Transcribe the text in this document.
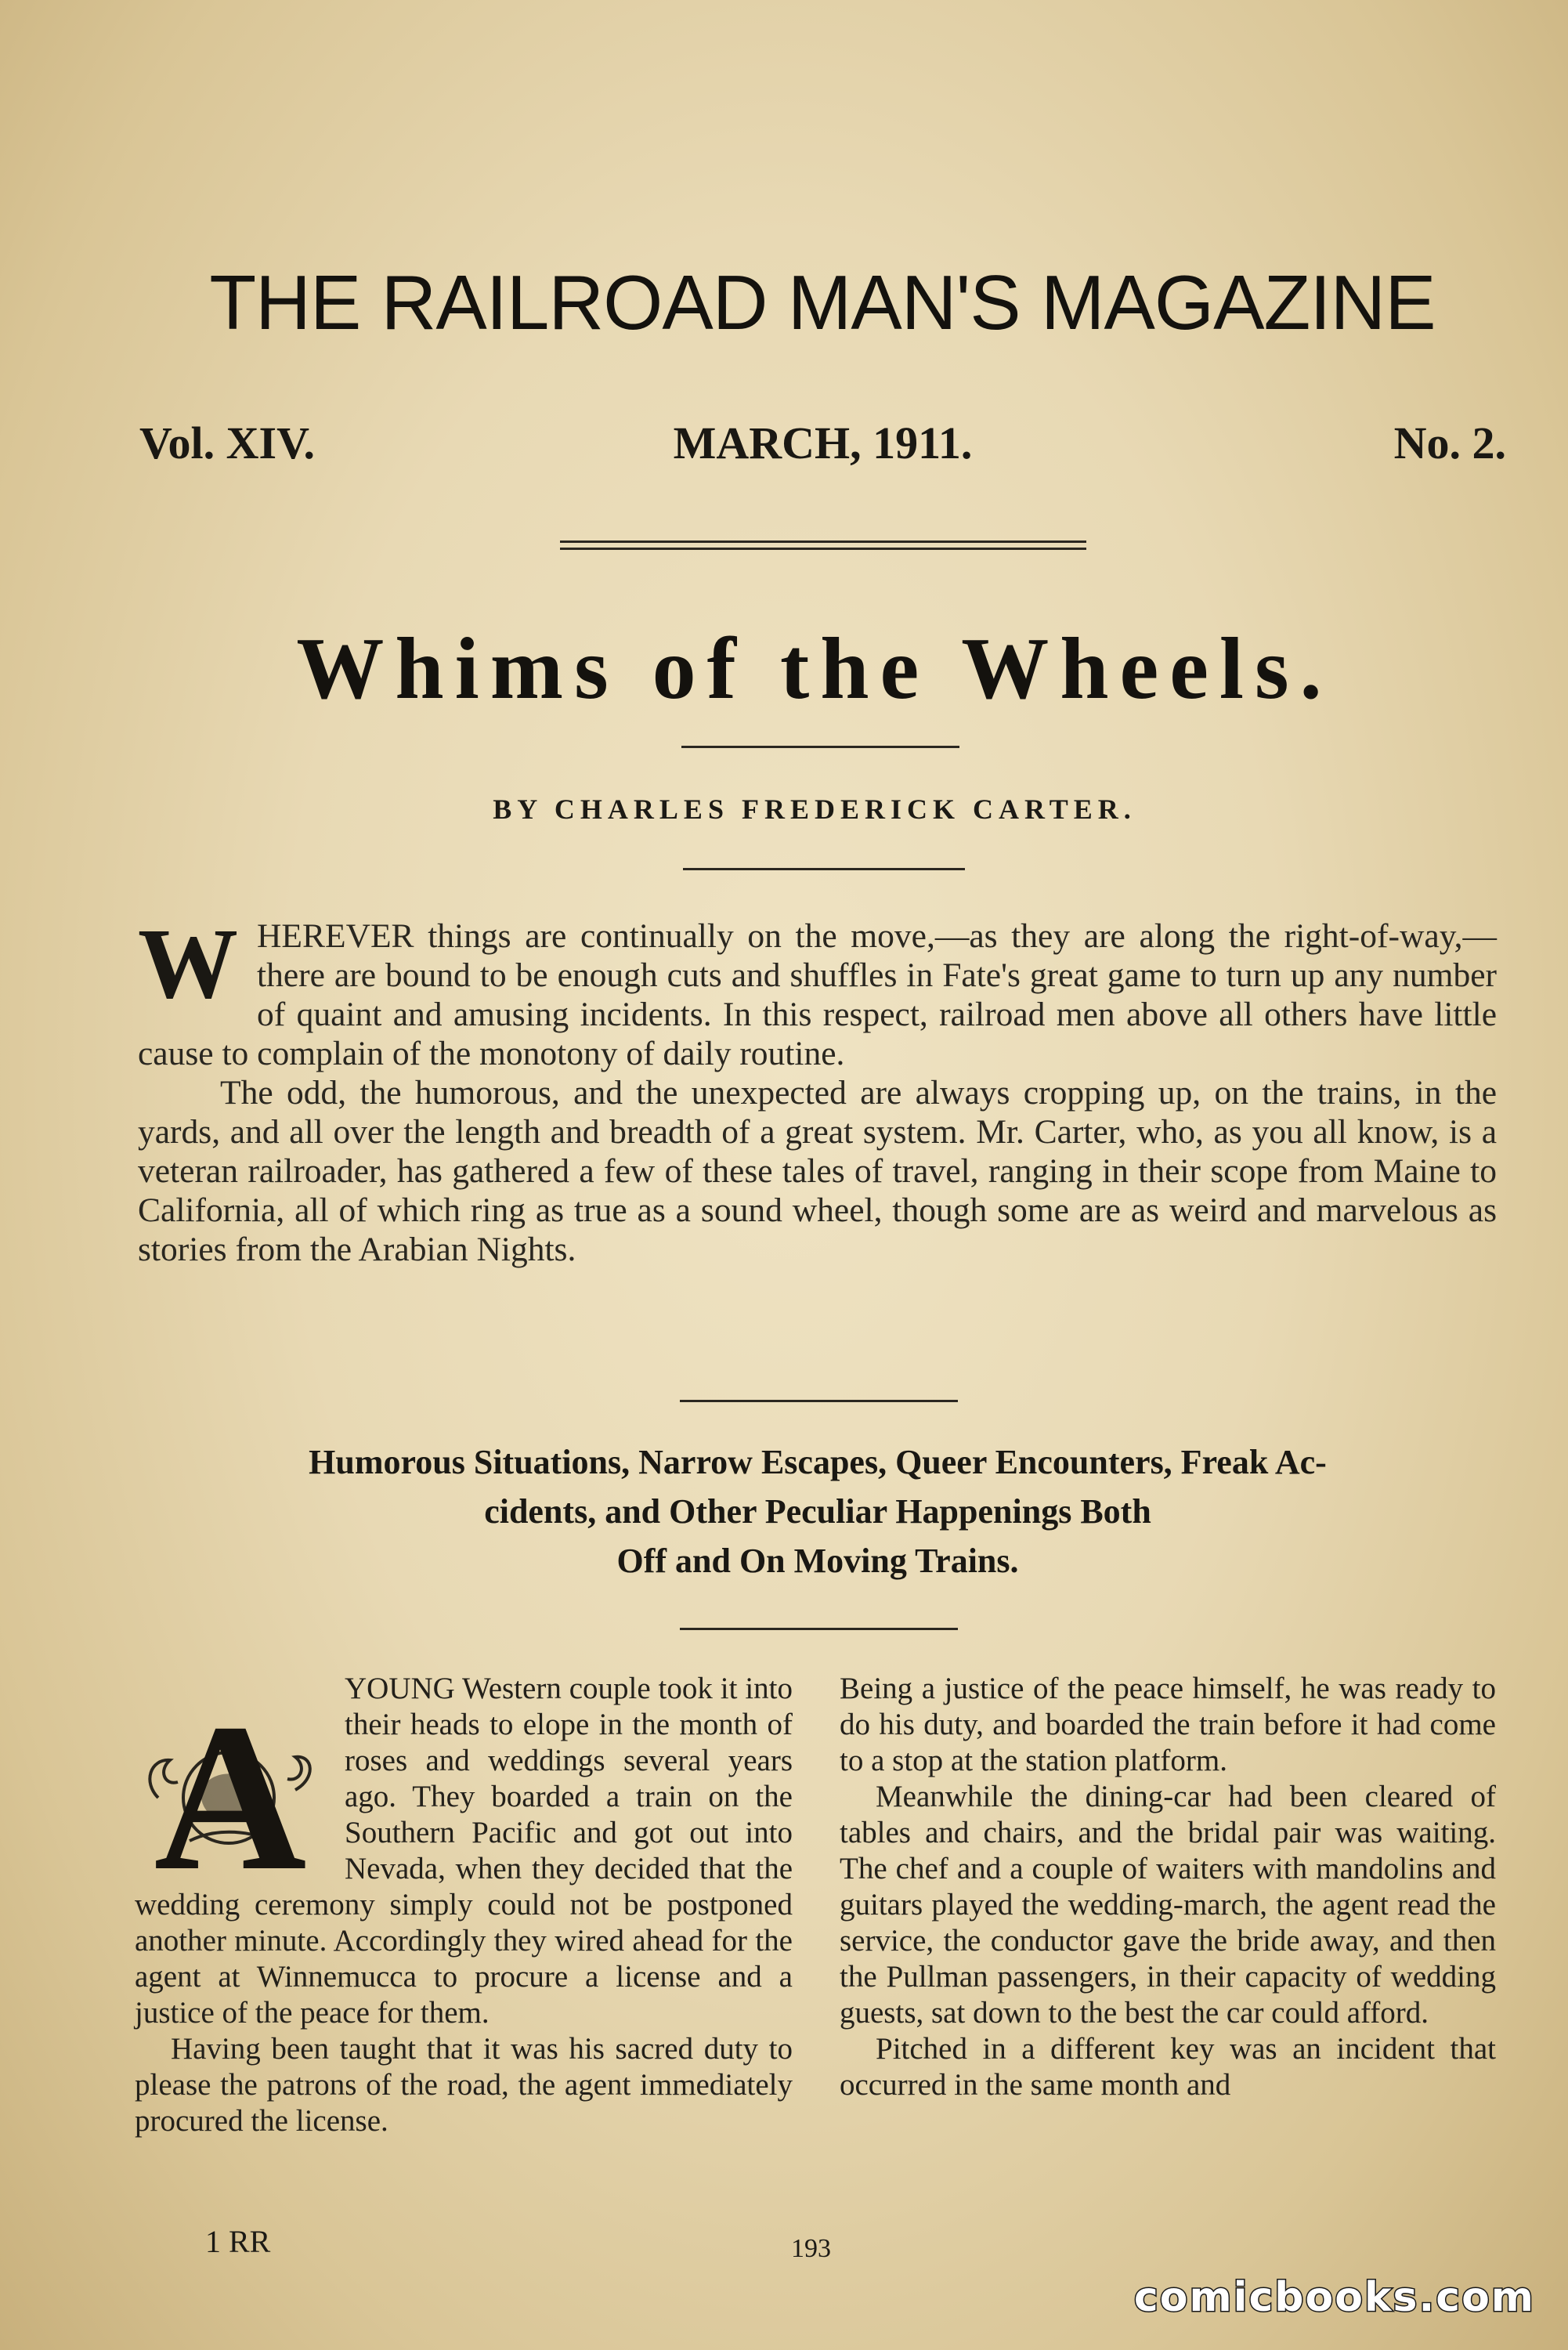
THE RAILROAD MAN'S MAGAZINE
Vol. XIV.	MARCH, 1911.	No. 2.
Whims of the Wheels.
BY CHARLES FREDERICK CARTER.

WHEREVER things are continually on the move,—as they are along the right-of-way,—there are bound to be enough cuts and shuffles in Fate's great game to turn up any number of quaint and amusing incidents. In this respect, railroad men above all others have little cause to complain of the monotony of daily routine.

The odd, the humorous, and the unexpected are always cropping up, on the trains, in the yards, and all over the length and breadth of a great system. Mr. Carter, who, as you all know, is a veteran railroader, has gathered a few of these tales of travel, ranging in their scope from Maine to California, all of which ring as true as a sound wheel, though some are as weird and marvelous as stories from the Arabian Nights.

Humorous Situations, Narrow Escapes, Queer Encounters, Freak Ac-
cidents, and Other Peculiar Happenings Both
Off and On Moving Trains.

A YOUNG Western couple took it into their heads to elope in the month of roses and weddings several years ago. They boarded a train on the Southern Pacific and got out into Nevada, when they decided that the wedding ceremony simply could not be postponed another minute. Accordingly they wired ahead for the agent at Winnemucca to procure a license and a justice of the peace for them.

Having been taught that it was his sacred duty to please the patrons of the road, the agent immediately procured the license.

Being a justice of the peace himself, he was ready to do his duty, and boarded the train before it had come to a stop at the station platform.

Meanwhile the dining-car had been cleared of tables and chairs, and the bridal pair was waiting. The chef and a couple of waiters with mandolins and guitars played the wedding-march, the agent read the service, the conductor gave the bride away, and then the Pullman passengers, in their capacity of wedding guests, sat down to the best the car could afford.

Pitched in a different key was an incident that occurred in the same month and

1 RR	193
comicbooks.com
